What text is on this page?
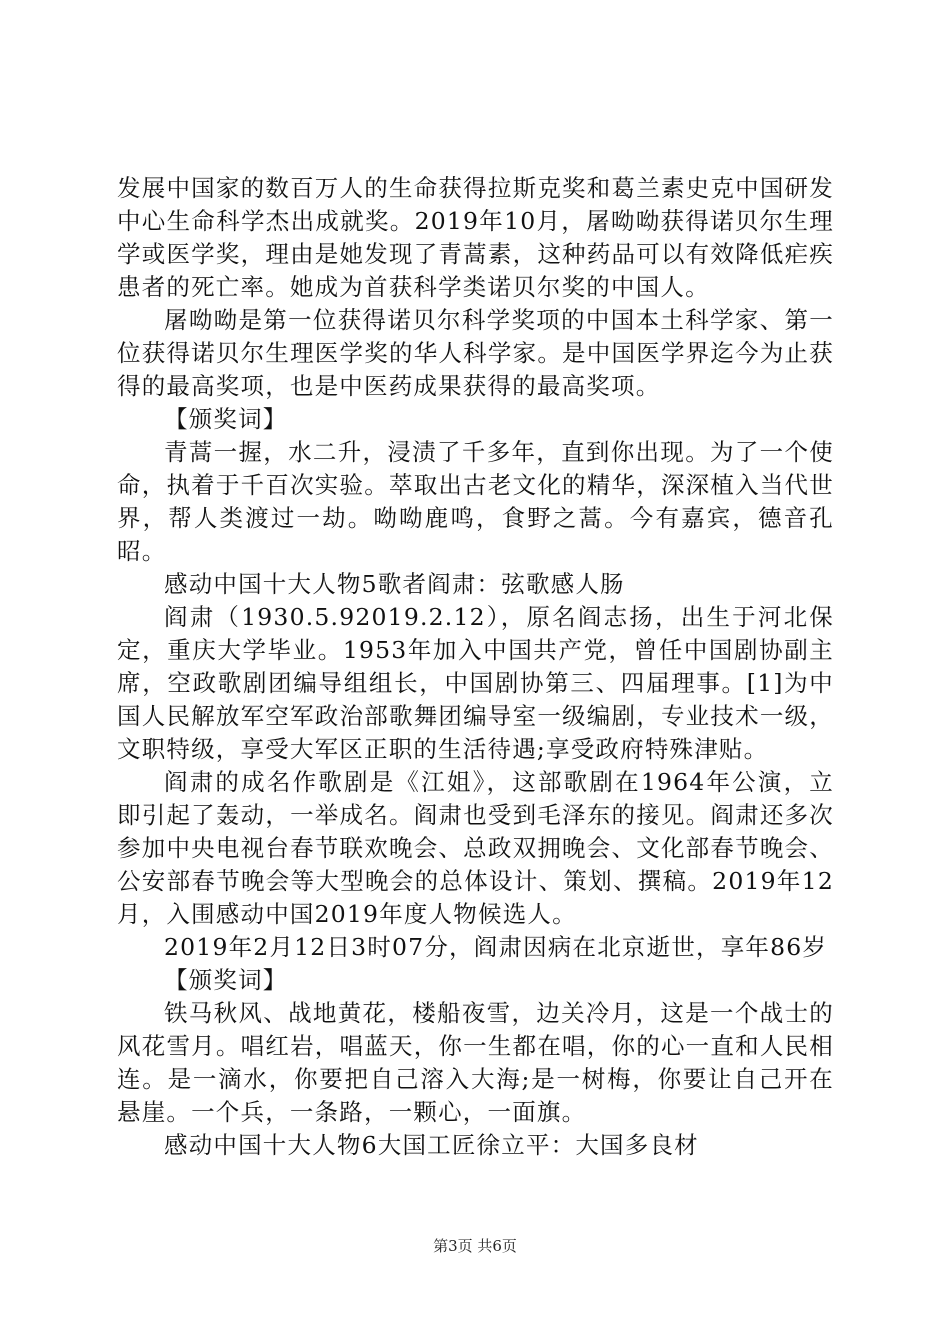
发展中国家的数百万人的生命获得拉斯克奖和葛兰素史克中国研发中心生命科学杰出成就奖。2019年10月，屠呦呦获得诺贝尔生理学或医学奖，理由是她发现了青蒿素，这种药品可以有效降低疟疾患者的死亡率。她成为首获科学类诺贝尔奖的中国人。

屠呦呦是第一位获得诺贝尔科学奖项的中国本土科学家、第一位获得诺贝尔生理医学奖的华人科学家。是中国医学界迄今为止获得的最高奖项，也是中医药成果获得的最高奖项。

【颁奖词】

青蒿一握，水二升，浸渍了千多年，直到你出现。为了一个使命，执着于千百次实验。萃取出古老文化的精华，深深植入当代世界，帮人类渡过一劫。呦呦鹿鸣，食野之蒿。今有嘉宾，德音孔昭。

感动中国十大人物5歌者阎肃：弦歌感人肠

阎肃（1930.5.92019.2.12），原名阎志扬，出生于河北保定，重庆大学毕业。1953年加入中国共产党，曾任中国剧协副主席，空政歌剧团编导组组长，中国剧协第三、四届理事。[1]为中国人民解放军空军政治部歌舞团编导室一级编剧，专业技术一级，文职特级，享受大军区正职的生活待遇;享受政府特殊津贴。

阎肃的成名作歌剧是《江姐》，这部歌剧在1964年公演，立即引起了轰动，一举成名。阎肃也受到毛泽东的接见。阎肃还多次参加中央电视台春节联欢晚会、总政双拥晚会、文化部春节晚会、公安部春节晚会等大型晚会的总体设计、策划、撰稿。2019年12月，入围感动中国2019年度人物候选人。

2019年2月12日3时07分，阎肃因病在北京逝世，享年86岁

【颁奖词】

铁马秋风、战地黄花，楼船夜雪，边关冷月，这是一个战士的风花雪月。唱红岩，唱蓝天，你一生都在唱，你的心一直和人民相连。是一滴水，你要把自己溶入大海;是一树梅，你要让自己开在悬崖。一个兵，一条路，一颗心，一面旗。

感动中国十大人物6大国工匠徐立平：大国多良材

第3页 共6页
